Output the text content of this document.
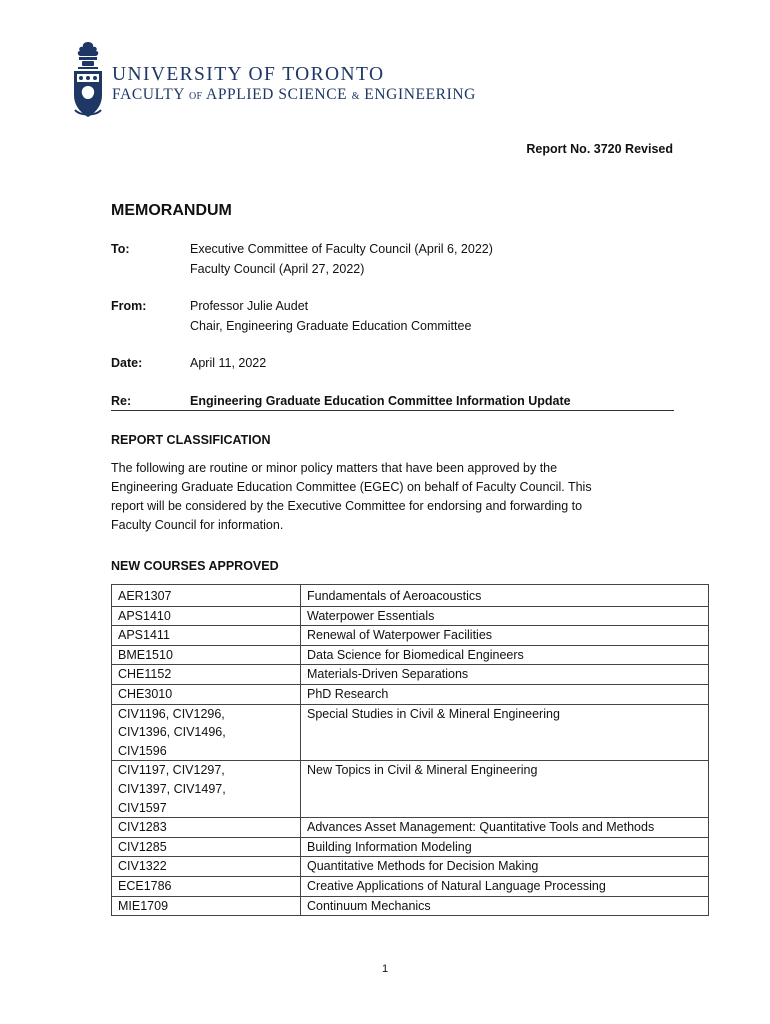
UNIVERSITY OF TORONTO
FACULTY OF APPLIED SCIENCE & ENGINEERING
Report No. 3720 Revised
MEMORANDUM
To:	Executive Committee of Faculty Council (April 6, 2022)
Faculty Council (April 27, 2022)
From:	Professor Julie Audet
Chair, Engineering Graduate Education Committee
Date:	April 11, 2022
Re:	Engineering Graduate Education Committee Information Update
REPORT CLASSIFICATION
The following are routine or minor policy matters that have been approved by the
Engineering Graduate Education Committee (EGEC) on behalf of Faculty Council. This
report will be considered by the Executive Committee for endorsing and forwarding to
Faculty Council for information.
NEW COURSES APPROVED
AER1307	Fundamentals of Aeroacoustics

APS1410	Waterpower Essentials

APS1411	Renewal of Waterpower Facilities

BME1510	Data Science for Biomedical Engineers

CHE1152	Materials-Driven Separations

CHE3010	PhD Research

CIV1196, CIV1296,
CIV1396, CIV1496,
CIV1596	Special Studies in Civil & Mineral Engineering

CIV1197, CIV1297,
CIV1397, CIV1497,
CIV1597	New Topics in Civil & Mineral Engineering

CIV1283	Advances Asset Management: Quantitative Tools and Methods

CIV1285	Building Information Modeling

CIV1322	Quantitative Methods for Decision Making

ECE1786	Creative Applications of Natural Language Processing

MIE1709	Continuum Mechanics
1
